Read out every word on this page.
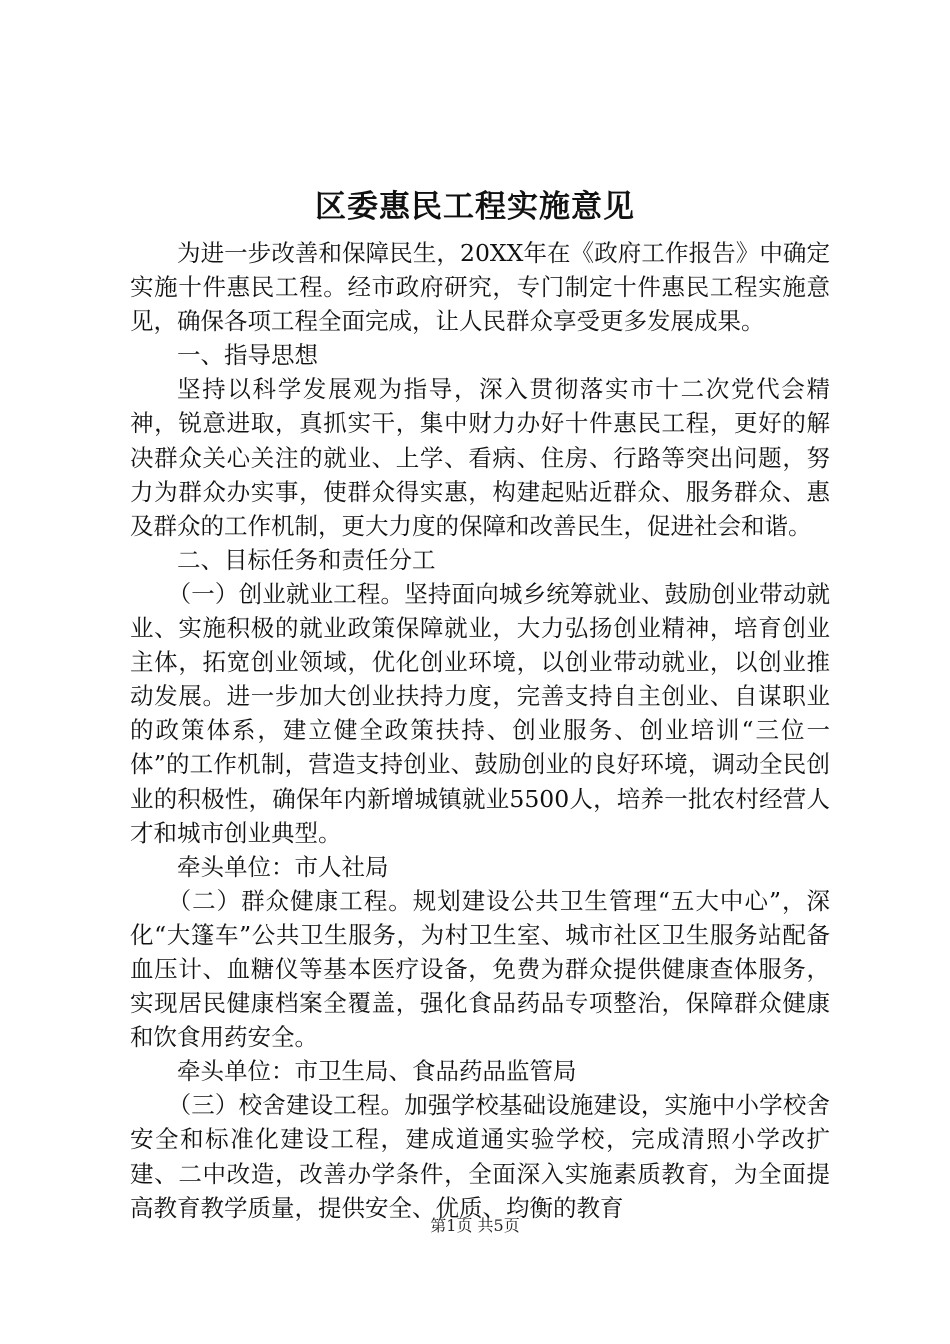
区委惠民工程实施意见

为进一步改善和保障民生，20XX年在《政府工作报告》中确定实施十件惠民工程。经市政府研究，专门制定十件惠民工程实施意见，确保各项工程全面完成，让人民群众享受更多发展成果。

一、指导思想

坚持以科学发展观为指导，深入贯彻落实市十二次党代会精神，锐意进取，真抓实干，集中财力办好十件惠民工程，更好的解决群众关心关注的就业、上学、看病、住房、行路等突出问题，努力为群众办实事，使群众得实惠，构建起贴近群众、服务群众、惠及群众的工作机制，更大力度的保障和改善民生，促进社会和谐。

二、目标任务和责任分工

（一）创业就业工程。坚持面向城乡统筹就业、鼓励创业带动就业、实施积极的就业政策保障就业，大力弘扬创业精神，培育创业主体，拓宽创业领域，优化创业环境，以创业带动就业，以创业推动发展。进一步加大创业扶持力度，完善支持自主创业、自谋职业的政策体系，建立健全政策扶持、创业服务、创业培训“三位一体”的工作机制，营造支持创业、鼓励创业的良好环境，调动全民创业的积极性，确保年内新增城镇就业5500人，培养一批农村经营人才和城市创业典型。

牵头单位：市人社局

（二）群众健康工程。规划建设公共卫生管理“五大中心”，深化“大篷车”公共卫生服务，为村卫生室、城市社区卫生服务站配备血压计、血糖仪等基本医疗设备，免费为群众提供健康查体服务，实现居民健康档案全覆盖，强化食品药品专项整治，保障群众健康和饮食用药安全。

牵头单位：市卫生局、食品药品监管局

（三）校舍建设工程。加强学校基础设施建设，实施中小学校舍安全和标准化建设工程，建成道通实验学校，完成清照小学改扩建、二中改造，改善办学条件，全面深入实施素质教育，为全面提高教育教学质量，提供安全、优质、均衡的教育

第1页 共5页
